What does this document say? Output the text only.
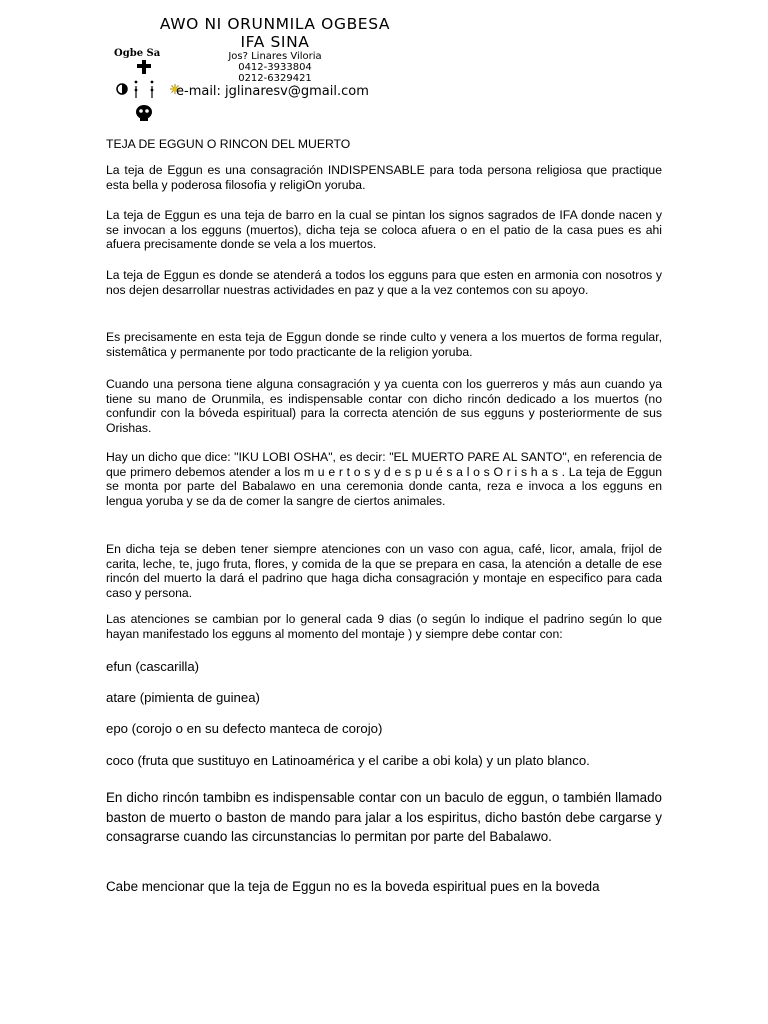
AWO NI ORUNMILA OGBESA
IFA SINA
Jos? Linares Viloria
0412-3933804
0212-6329421
Ogbe Sa
e-mail: jglinaresv@gmail.com

TEJA DE EGGUN O RINCON DEL MUERTO

La teja de Eggun es una consagración INDISPENSABLE para toda persona religiosa que practique esta bella y poderosa filosofia y religiOn yoruba.

La teja de Eggun es una teja de barro en la cual se pintan los signos sagrados de IFA donde nacen y se invocan a los egguns (muertos), dicha teja se coloca afuera o en el patio de la casa pues es ahi afuera precisamente donde se vela a los muertos.

La teja de Eggun es donde se atenderá a todos los egguns para que esten en armonia con nosotros y nos dejen desarrollar nuestras actividades en paz y que a la vez contemos con su apoyo.

Es precisamente en esta teja de Eggun donde se rinde culto y venera a los muertos de forma regular, sistemâtica y permanente por todo practicante de la religion yoruba.

Cuando una persona tiene alguna consagración y ya cuenta con los guerreros y más aun cuando ya tiene su mano de Orunmila, es indispensable contar con dicho rincón dedicado a los muertos (no confundir con la bóveda espiritual) para la correcta atención de sus egguns y posteriormente de sus Orishas.

Hay un dicho que dice: "IKU LOBI OSHA", es decir: "EL MUERTO PARE AL SANTO", en referencia de que primero debemos atender a los m u e r t o s y d e s p u é s a l o s O r i s h a s . La teja de Eggun se monta por parte del Babalawo en una ceremonia donde canta, reza e invoca a los egguns en lengua yoruba y se da de comer la sangre de ciertos animales.

En dicha teja se deben tener siempre atenciones con un vaso con agua, café, licor, amala, frijol de carita, leche, te, jugo fruta, flores, y comida de la que se prepara en casa, la atención a detalle de ese rincón del muerto la dará el padrino que haga dicha consagración y montaje en especifico para cada caso y persona.

Las atenciones se cambian por lo general cada 9 dias (o según lo indique el padrino según lo que hayan manifestado los egguns al momento del montaje ) y siempre debe contar con:

efun (cascarilla)

atare (pimienta de guinea)

epo (corojo o en su defecto manteca de corojo)

coco (fruta que sustituyo en Latinoamérica y el caribe a obi kola) y un plato blanco.

En dicho rincón tambibn es indispensable contar con un baculo de eggun, o también llamado baston de muerto o baston de mando para jalar a los espiritus, dicho bastón debe cargarse y consagrarse cuando las circunstancias lo permitan por parte del Babalawo.

Cabe mencionar que la teja de Eggun no es la boveda espiritual pues en la boveda
